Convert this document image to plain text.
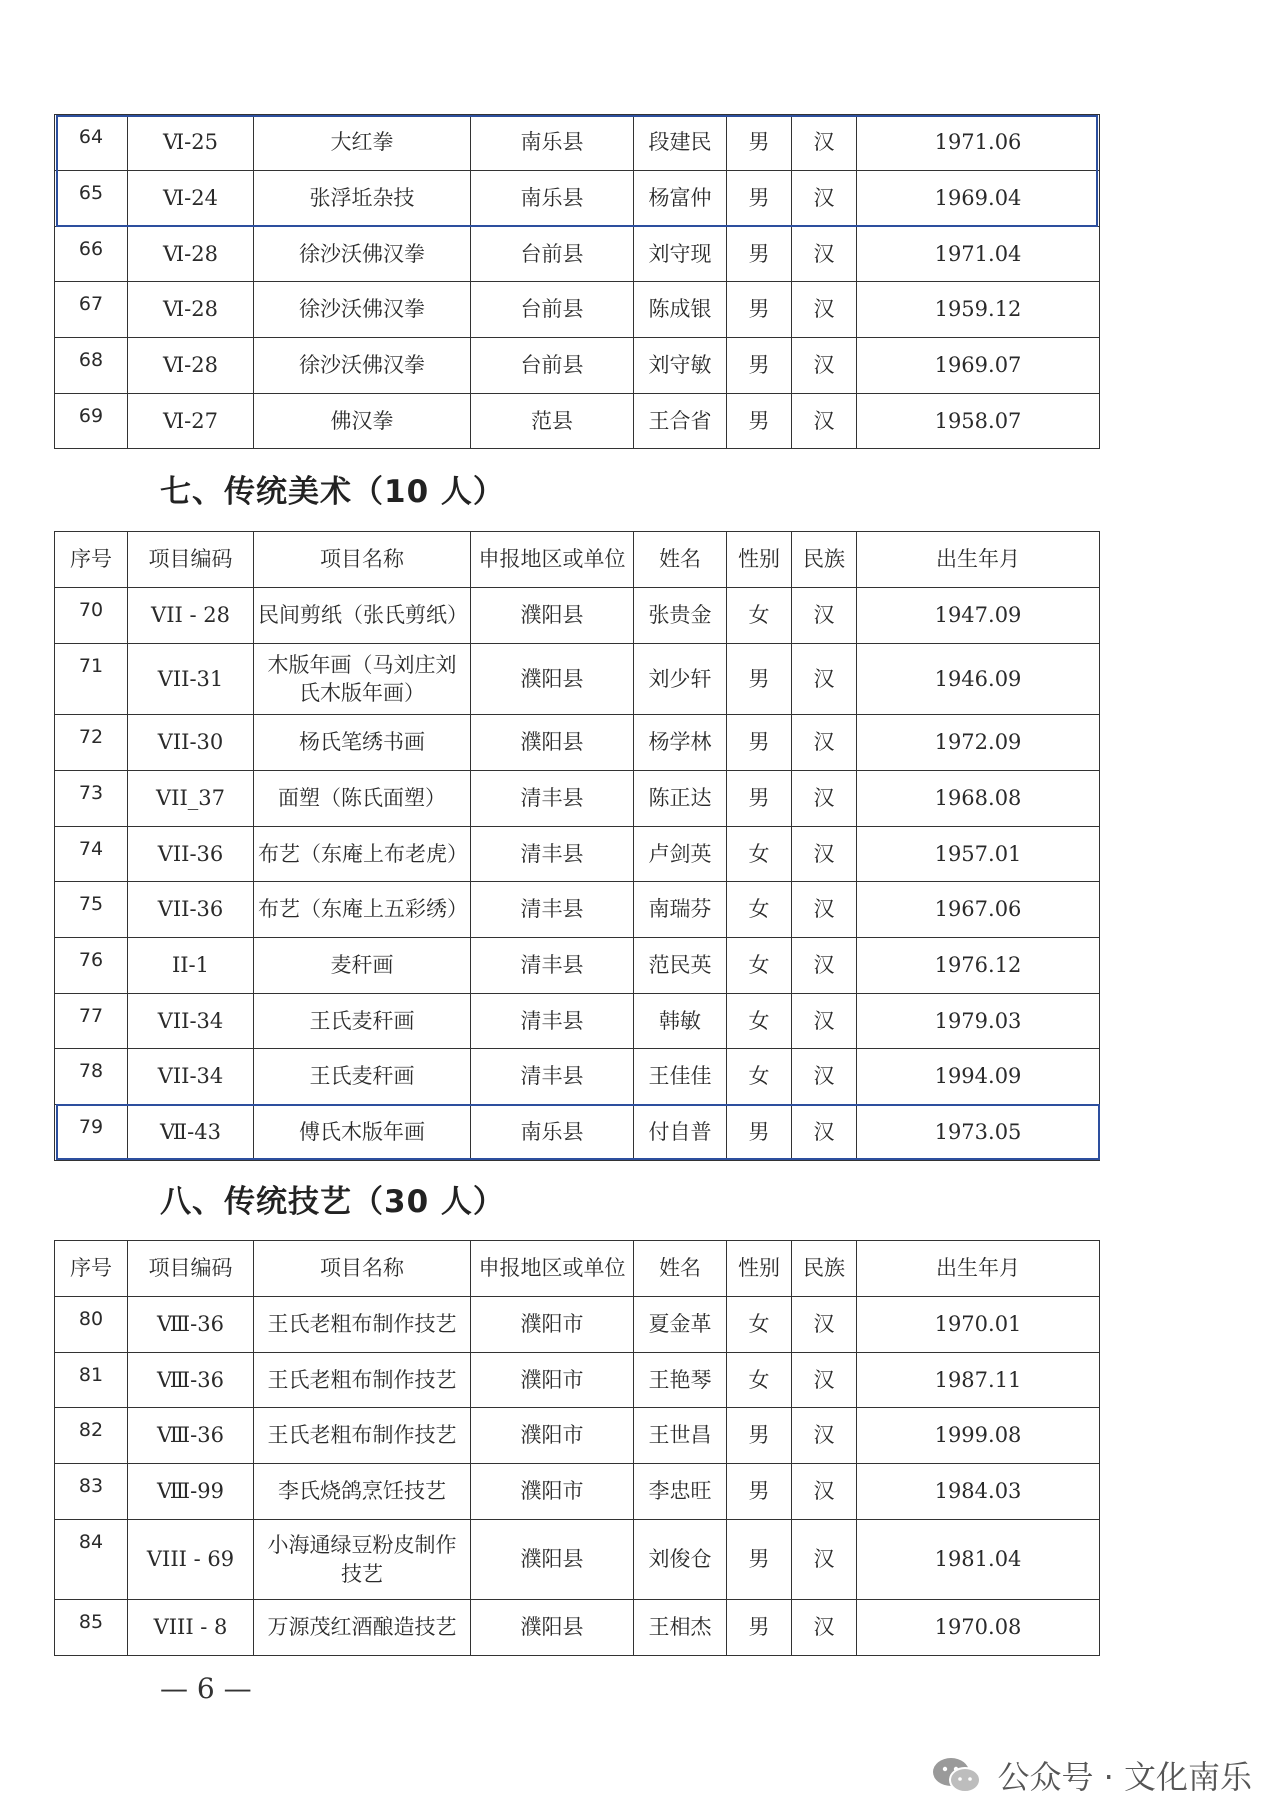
64	Ⅵ-25	大红拳	南乐县	段建民	男	汉	1971.06
65	Ⅵ-24	张浮坵杂技	南乐县	杨富仲	男	汉	1969.04
66	Ⅵ-28	徐沙沃佛汉拳	台前县	刘守现	男	汉	1971.04
67	Ⅵ-28	徐沙沃佛汉拳	台前县	陈成银	男	汉	1959.12
68	Ⅵ-28	徐沙沃佛汉拳	台前县	刘守敏	男	汉	1969.07
69	Ⅵ-27	佛汉拳	范县	王合省	男	汉	1958.07
七、传统美术（10 人）
序号	项目编码	项目名称	申报地区或单位	姓名	性别	民族	出生年月
70	VII - 28	民间剪纸（张氏剪纸）	濮阳县	张贵金	女	汉	1947.09
71	VII-31	木版年画（马刘庄刘氏木版年画）	濮阳县	刘少轩	男	汉	1946.09
72	VII-30	杨氏笔绣书画	濮阳县	杨学林	男	汉	1972.09
73	VII_37	面塑（陈氏面塑）	清丰县	陈正达	男	汉	1968.08
74	VII-36	布艺（东庵上布老虎）	清丰县	卢剑英	女	汉	1957.01
75	VII-36	布艺（东庵上五彩绣）	清丰县	南瑞芬	女	汉	1967.06
76	II-1	麦秆画	清丰县	范民英	女	汉	1976.12
77	VII-34	王氏麦秆画	清丰县	韩敏	女	汉	1979.03
78	VII-34	王氏麦秆画	清丰县	王佳佳	女	汉	1994.09
79	Ⅶ-43	傅氏木版年画	南乐县	付自普	男	汉	1973.05
八、传统技艺（30 人）
序号	项目编码	项目名称	申报地区或单位	姓名	性别	民族	出生年月
80	Ⅷ-36	王氏老粗布制作技艺	濮阳市	夏金革	女	汉	1970.01
81	Ⅷ-36	王氏老粗布制作技艺	濮阳市	王艳琴	女	汉	1987.11
82	Ⅷ-36	王氏老粗布制作技艺	濮阳市	王世昌	男	汉	1999.08
83	Ⅷ-99	李氏烧鸽烹饪技艺	濮阳市	李忠旺	男	汉	1984.03
84	VIII - 69	小海通绿豆粉皮制作技艺	濮阳县	刘俊仓	男	汉	1981.04
85	VIII - 8	万源茂红酒酿造技艺	濮阳县	王相杰	男	汉	1970.08
— 6 —
公众号 · 文化南乐
